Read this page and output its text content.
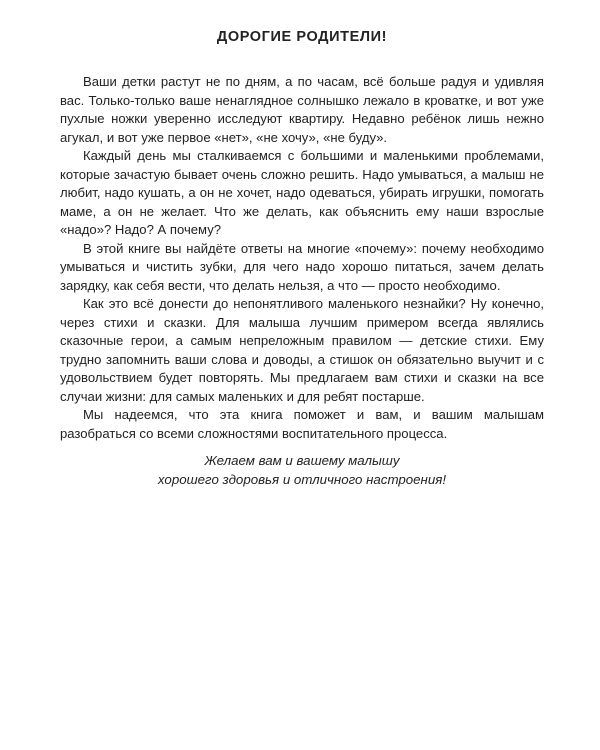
ДОРОГИЕ РОДИТЕЛИ!

Ваши детки растут не по дням, а по часам, всё больше радуя и удивляя вас. Только-только ваше ненаглядное солнышко лежало в кроватке, и вот уже пухлые ножки уверенно исследуют квартиру. Недавно ребёнок лишь нежно агукал, и вот уже первое «нет», «не хочу», «не буду».

Каждый день мы сталкиваемся с большими и маленькими проблемами, которые зачастую бывает очень сложно решить. Надо умываться, а малыш не любит, надо кушать, а он не хочет, надо одеваться, убирать игрушки, помогать маме, а он не желает. Что же делать, как объяснить ему наши взрослые «надо»? Надо? А почему?

В этой книге вы найдёте ответы на многие «почему»: почему необходимо умываться и чистить зубки, для чего надо хорошо питаться, зачем делать зарядку, как себя вести, что делать нельзя, а что — просто необходимо.

Как это всё донести до непонятливого маленького незнайки? Ну конечно, через стихи и сказки. Для малыша лучшим примером всегда являлись сказочные герои, а самым непреложным правилом — детские стихи. Ему трудно запомнить ваши слова и доводы, а стишок он обязательно выучит и с удовольствием будет повторять. Мы предлагаем вам стихи и сказки на все случаи жизни: для самых маленьких и для ребят постарше.

Мы надеемся, что эта книга поможет и вам, и вашим малышам разобраться со всеми сложностями воспитательного процесса.

Желаем вам и вашему малышу
хорошего здоровья и отличного настроения!
